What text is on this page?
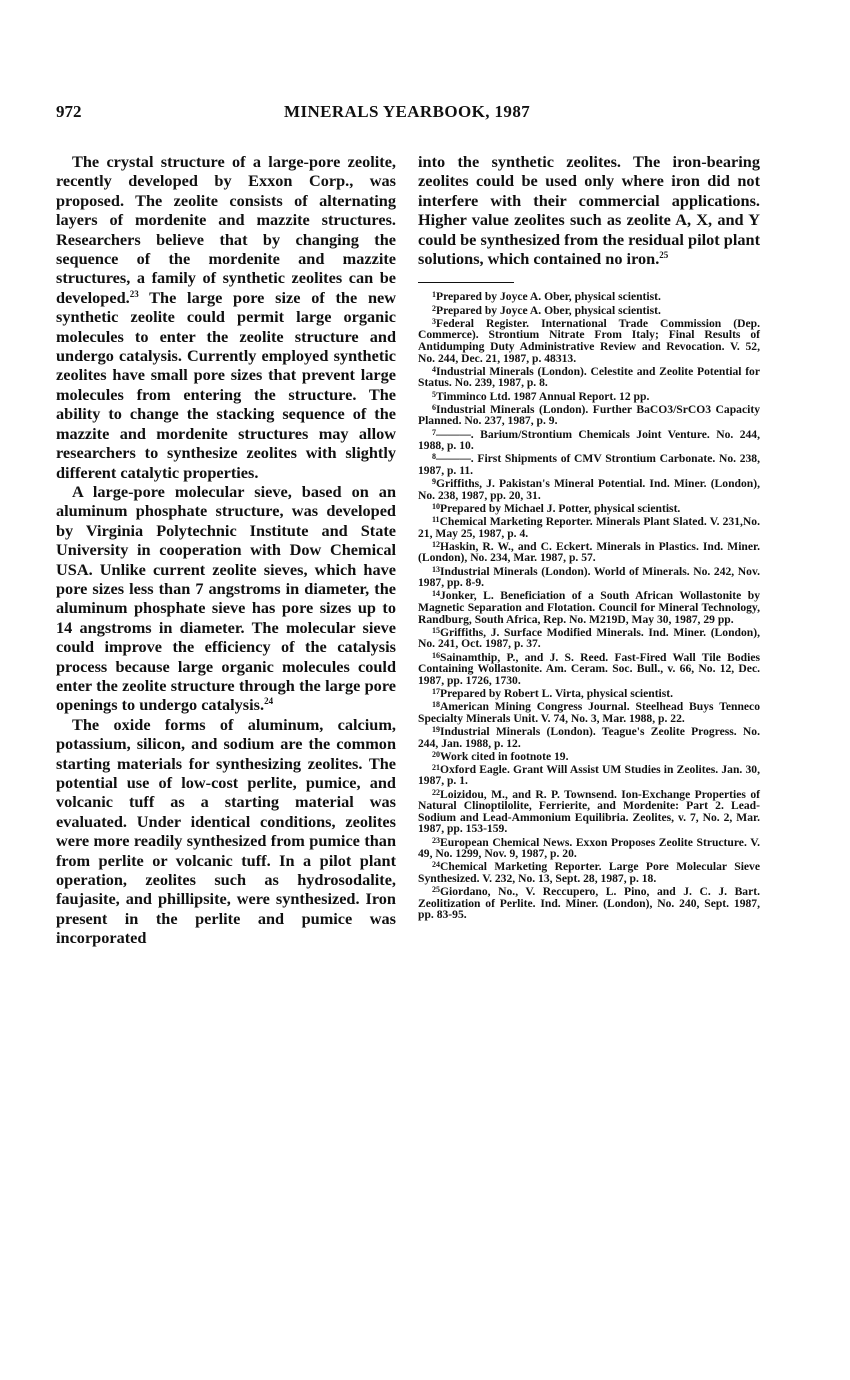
972	MINERALS YEARBOOK, 1987

The crystal structure of a large-pore zeolite, recently developed by Exxon Corp., was proposed. The zeolite consists of alternating layers of mordenite and mazzite structures. Researchers believe that by changing the sequence of the mordenite and mazzite structures, a family of synthetic zeolites can be developed.$^{23}$ The large pore size of the new synthetic zeolite could permit large organic molecules to enter the zeolite structure and undergo catalysis. Currently employed synthetic zeolites have small pore sizes that prevent large molecules from entering the structure. The ability to change the stacking sequence of the mazzite and mordenite structures may allow researchers to synthesize zeolites with slightly different catalytic properties.

A large-pore molecular sieve, based on an aluminum phosphate structure, was developed by Virginia Polytechnic Institute and State University in cooperation with Dow Chemical USA. Unlike current zeolite sieves, which have pore sizes less than 7 angstroms in diameter, the aluminum phosphate sieve has pore sizes up to 14 angstroms in diameter. The molecular sieve could improve the efficiency of the catalysis process because large organic molecules could enter the zeolite structure through the large pore openings to undergo catalysis.$^{24}$

The oxide forms of aluminum, calcium, potassium, silicon, and sodium are the common starting materials for synthesizing zeolites. The potential use of low-cost perlite, pumice, and volcanic tuff as a starting material was evaluated. Under identical conditions, zeolites were more readily synthesized from pumice than from perlite or volcanic tuff. In a pilot plant operation, zeolites such as hydrosodalite, faujasite, and phillipsite, were synthesized. Iron present in the perlite and pumice was incorporated

into the synthetic zeolites. The iron-bearing zeolites could be used only where iron did not interfere with their commercial applications. Higher value zeolites such as zeolite A, X, and Y could be synthesized from the residual pilot plant solutions, which contained no iron.$^{25}$

$^1$Prepared by Joyce A. Ober, physical scientist.

$^2$Prepared by Joyce A. Ober, physical scientist.

$^3$Federal Register. International Trade Commission (Dep. Commerce). Strontium Nitrate From Italy; Final Results of Antidumping Duty Administrative Review and Revocation. V. 52, No. 244, Dec. 21, 1987, p. 48313.

$^4$Industrial Minerals (London). Celestite and Zeolite Potential for Status. No. 239, 1987, p. 8.

$^5$Timminco Ltd. 1987 Annual Report. 12 pp.

$^6$Industrial Minerals (London). Further BaCO3/SrCO3 Capacity Planned. No. 237, 1987, p. 9.

$^7$———. Barium/Strontium Chemicals Joint Venture. No. 244, 1988, p. 10.

$^8$———. First Shipments of CMV Strontium Carbonate. No. 238, 1987, p. 11.

$^9$Griffiths, J. Pakistan's Mineral Potential. Ind. Miner. (London), No. 238, 1987, pp. 20, 31.

$^{10}$Prepared by Michael J. Potter, physical scientist.

$^{11}$Chemical Marketing Reporter. Minerals Plant Slated. V. 231,No. 21, May 25, 1987, p. 4.

$^{12}$Haskin, R. W., and C. Eckert. Minerals in Plastics. Ind. Miner. (London), No. 234, Mar. 1987, p. 57.

$^{13}$Industrial Minerals (London). World of Minerals. No. 242, Nov. 1987, pp. 8-9.

$^{14}$Jonker, L. Beneficiation of a South African Wollastonite by Magnetic Separation and Flotation. Council for Mineral Technology, Randburg, South Africa, Rep. No. M219D, May 30, 1987, 29 pp.

$^{15}$Griffiths, J. Surface Modified Minerals. Ind. Miner. (London), No. 241, Oct. 1987, p. 37.

$^{16}$Sainamthip, P., and J. S. Reed. Fast-Fired Wall Tile Bodies Containing Wollastonite. Am. Ceram. Soc. Bull., v. 66, No. 12, Dec. 1987, pp. 1726, 1730.

$^{17}$Prepared by Robert L. Virta, physical scientist.

$^{18}$American Mining Congress Journal. Steelhead Buys Tenneco Specialty Minerals Unit. V. 74, No. 3, Mar. 1988, p. 22.

$^{19}$Industrial Minerals (London). Teague's Zeolite Progress. No. 244, Jan. 1988, p. 12.

$^{20}$Work cited in footnote 19.

$^{21}$Oxford Eagle. Grant Will Assist UM Studies in Zeolites. Jan. 30, 1987, p. 1.

$^{22}$Loizidou, M., and R. P. Townsend. Ion-Exchange Properties of Natural Clinoptilolite, Ferrierite, and Mordenite: Part 2. Lead-Sodium and Lead-Ammonium Equilibria. Zeolites, v. 7, No. 2, Mar. 1987, pp. 153-159.

$^{23}$European Chemical News. Exxon Proposes Zeolite Structure. V. 49, No. 1299, Nov. 9, 1987, p. 20.

$^{24}$Chemical Marketing Reporter. Large Pore Molecular Sieve Synthesized. V. 232, No. 13, Sept. 28, 1987, p. 18.

$^{25}$Giordano, No., V. Reccupero, L. Pino, and J. C. J. Bart. Zeolitization of Perlite. Ind. Miner. (London), No. 240, Sept. 1987, pp. 83-95.
